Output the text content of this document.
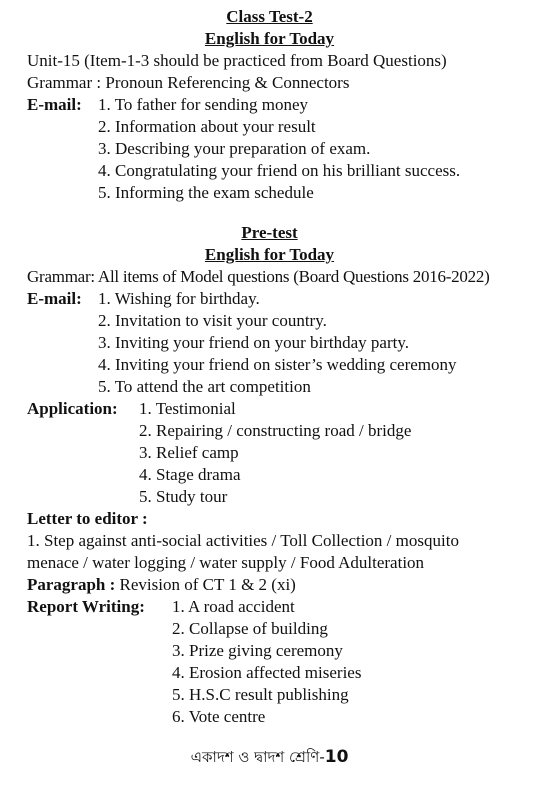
Class Test-2
English for Today
Unit-15 (Item-1-3 should be practiced from Board Questions)
Grammar : Pronoun Referencing & Connectors
E-mail: 1. To father for sending money
2. Information about your result
3. Describing your preparation of exam.
4. Congratulating your friend on his brilliant success.
5. Informing the exam schedule
Pre-test
English for Today
Grammar: All items of Model questions (Board Questions 2016-2022)
E-mail: 1. Wishing for birthday.
2. Invitation to visit your country.
3. Inviting your friend on your birthday party.
4. Inviting your friend on sister’s wedding ceremony
5. To attend the art competition
Application: 1. Testimonial
2. Repairing / constructing road / bridge
3. Relief camp
4. Stage drama
5. Study tour
Letter to editor :
1. Step against anti-social activities / Toll Collection / mosquito
menace / water logging / water supply / Food Adulteration
Paragraph : Revision of CT 1 & 2 (xi)
Report Writing: 1. A road accident
2. Collapse of building
3. Prize giving ceremony
4. Erosion affected miseries
5. H.S.C result publishing
6. Vote centre
একাদশ ও দ্বাদশ শ্রেণি-10
